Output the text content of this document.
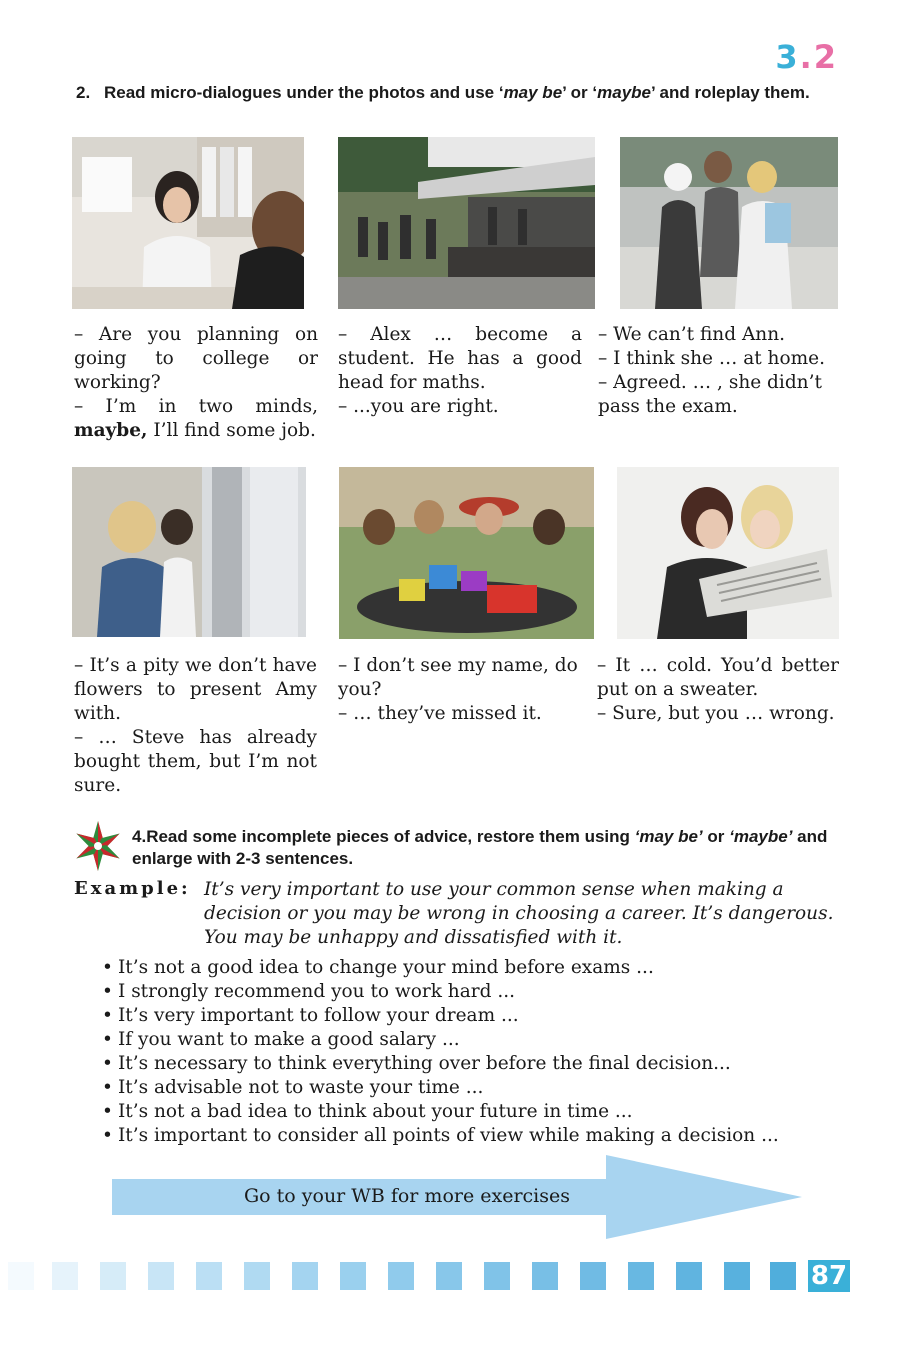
3.2
2. Read micro-dialogues under the photos and use ‘may be’ or ‘maybe’ and roleplay them.

– Are you planning on going to college or working?

– I’m in two minds, maybe, I’ll find some job.

– Alex … become a student. He has a good head for maths.

– ...you are right.

– We can’t find Ann.

– I think she … at home.

– Agreed. … , she didn’t pass the exam.

– It’s a pity we don’t have flowers to present Amy with.

– … Steve has already bought them, but I’m not sure.

– I don’t see my name, do you?

– … they’ve missed it.

– It … cold. You’d better put on a sweater.

– Sure, but you … wrong.

4.Read some incomplete pieces of advice, restore them using ‘may be’ or ‘maybe’ and enlarge with 2-3 sentences.
Example: It’s very important to use your common sense when making a decision or you may be wrong in choosing a career. It’s dangerous. You may be unhappy and dissatisfied with it.
• It’s not a good idea to change your mind before exams ...
• I strongly recommend you to work hard ...
• It’s very important to follow your dream ...
• If you want to make a good salary ...
• It’s necessary to think everything over before the final decision...
• It’s advisable not to waste your time ...
• It’s not a bad idea to think about your future in time ...
• It’s important to consider all points of view while making a decision ...
Go to your WB for more exercises
87
